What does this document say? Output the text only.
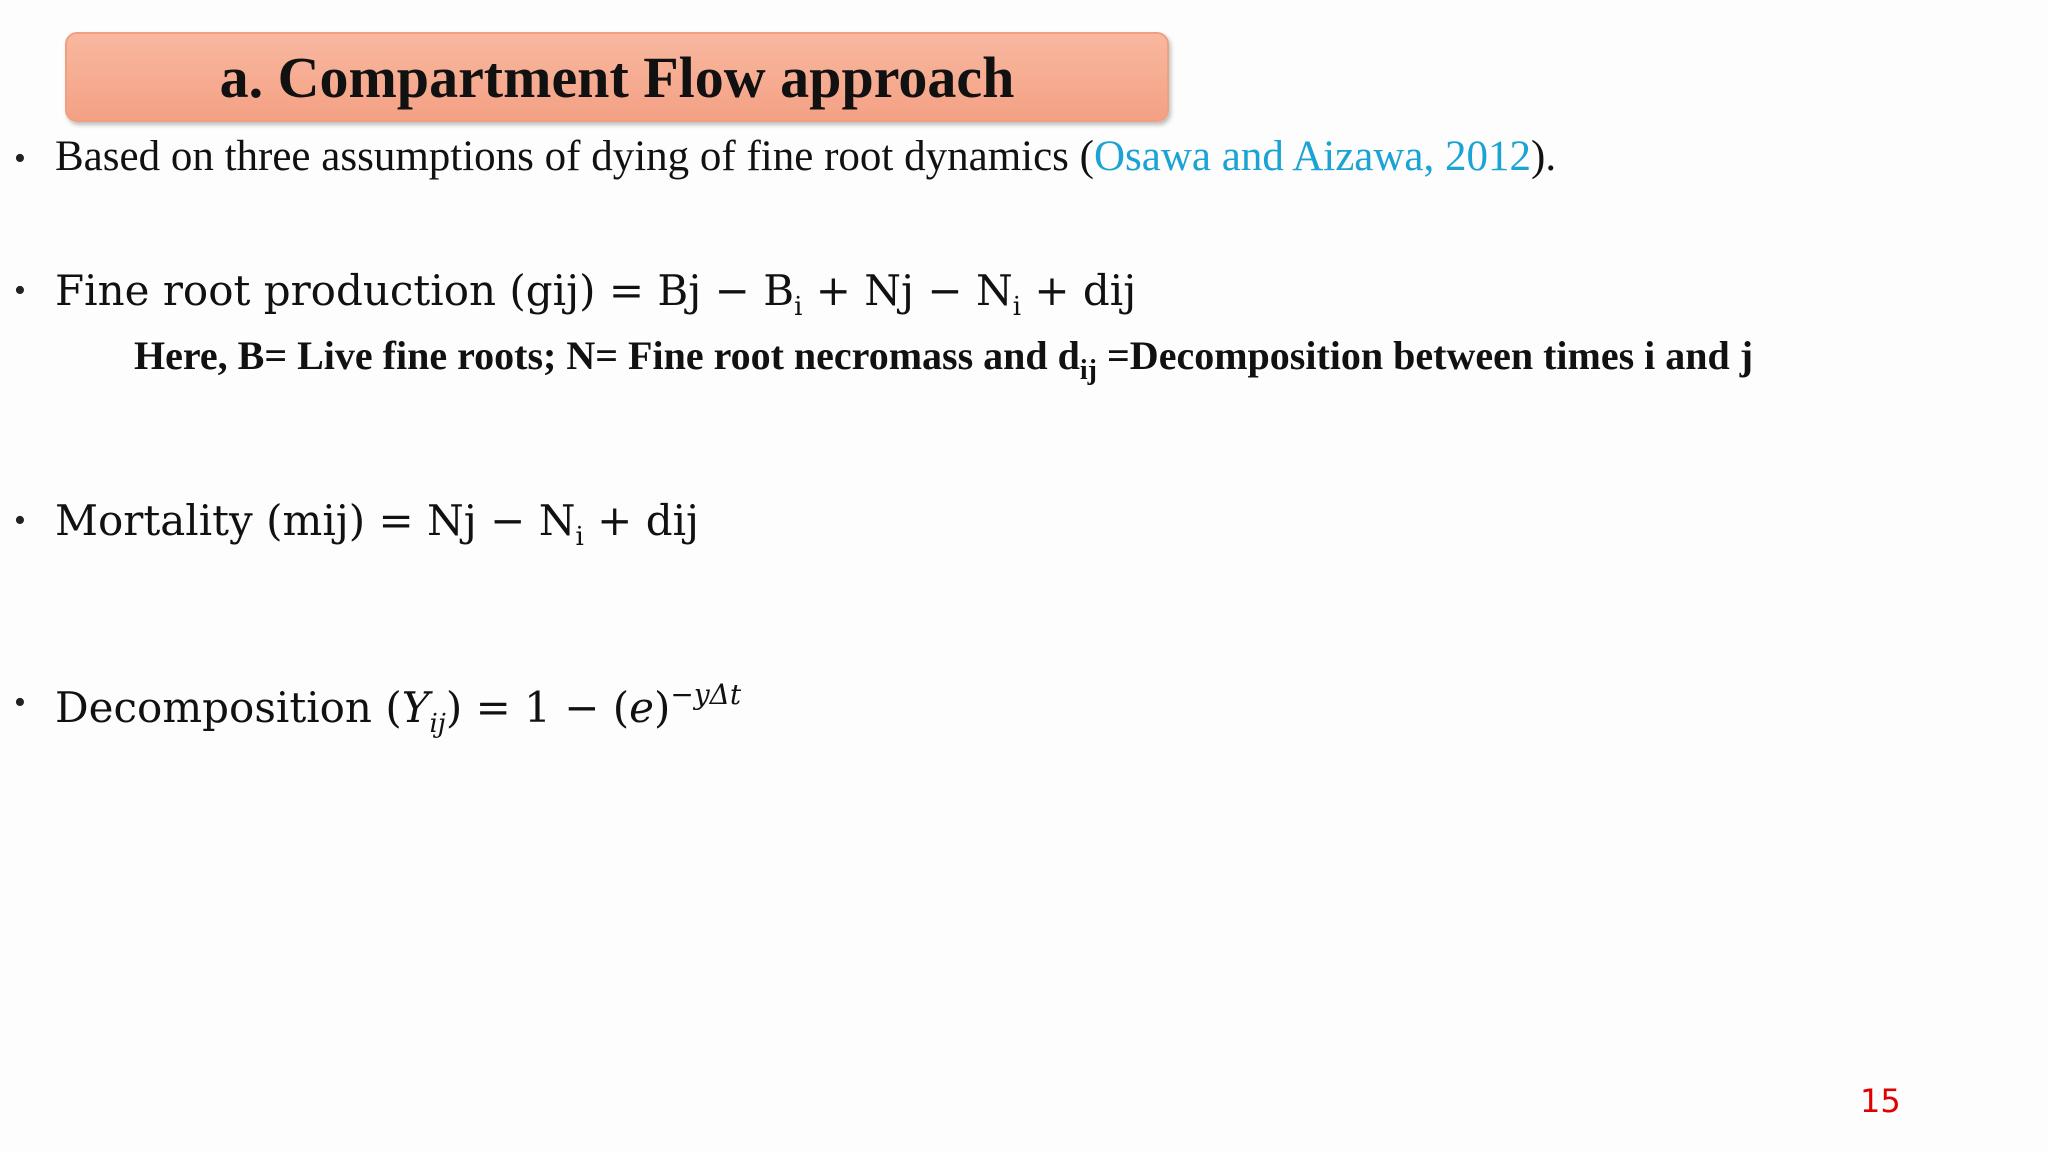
a. Compartment Flow approach
• Based on three assumptions of dying of fine root dynamics (Osawa and Aizawa, 2012).
• Fine root production $(gij) = Bj - B_i + Nj - N_i$ + dij
Here, B= Live fine roots; N= Fine root necromass and $d_{ij}$ =Decomposition between times i and j
• Mortality $(mij) = Nj - N_i$ + dij
• Decomposition $(Y_{ij}) = 1 - (e)^{-y\Delta t}$
15
